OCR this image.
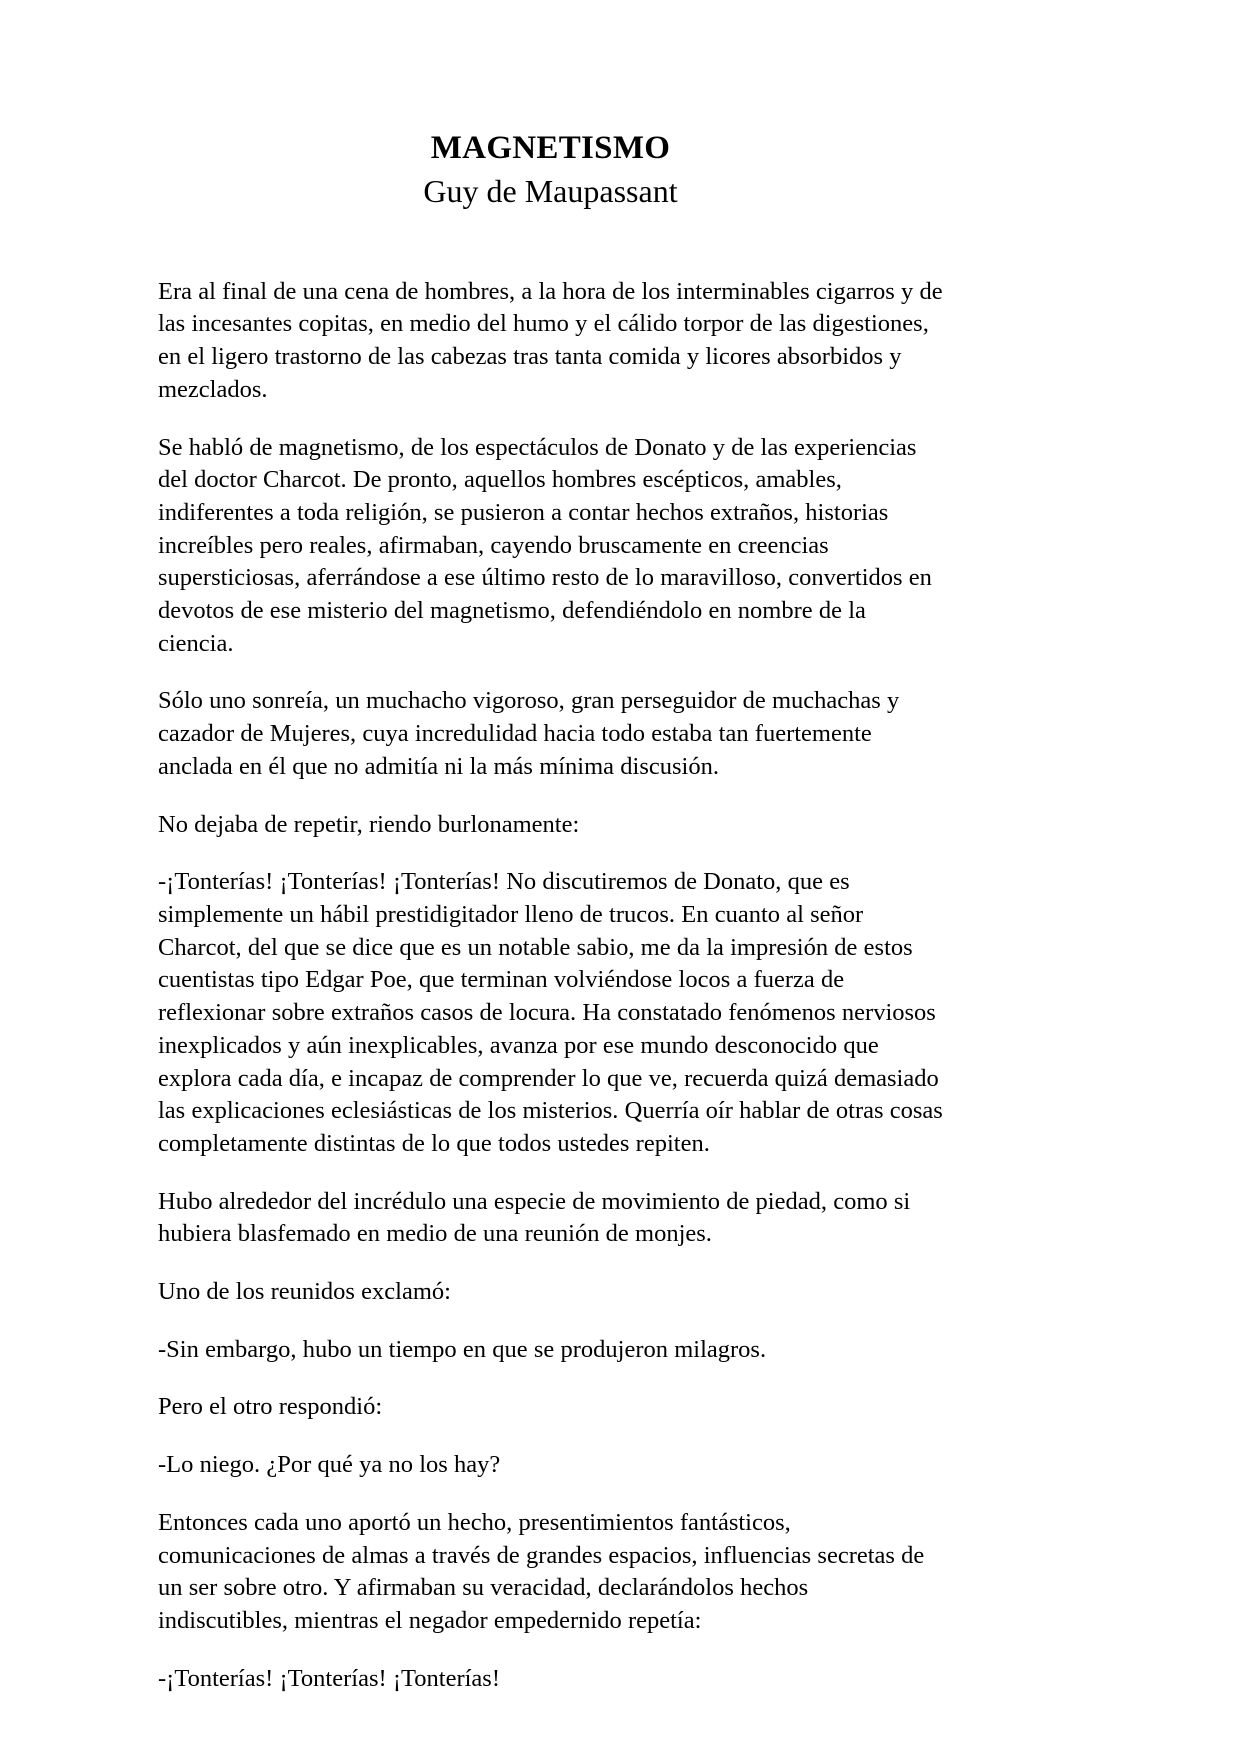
MAGNETISMO
Guy de Maupassant

Era al final de una cena de hombres, a la hora de los interminables cigarros y de las incesantes copitas, en medio del humo y el cálido torpor de las digestiones, en el ligero trastorno de las cabezas tras tanta comida y licores absorbidos y mezclados.

Se habló de magnetismo, de los espectáculos de Donato y de las experiencias del doctor Charcot. De pronto, aquellos hombres escépticos, amables, indiferentes a toda religión, se pusieron a contar hechos extraños, historias increíbles pero reales, afirmaban, cayendo bruscamente en creencias supersticiosas, aferrándose a ese último resto de lo maravilloso, convertidos en devotos de ese misterio del magnetismo, defendiéndolo en nombre de la ciencia.

Sólo uno sonreía, un muchacho vigoroso, gran perseguidor de muchachas y cazador de Mujeres, cuya incredulidad hacia todo estaba tan fuertemente anclada en él que no admitía ni la más mínima discusión.

No dejaba de repetir, riendo burlonamente:

-¡Tonterías! ¡Tonterías! ¡Tonterías! No discutiremos de Donato, que es simplemente un hábil prestidigitador lleno de trucos. En cuanto al señor Charcot, del que se dice que es un notable sabio, me da la impresión de estos cuentistas tipo Edgar Poe, que terminan volviéndose locos a fuerza de reflexionar sobre extraños casos de locura. Ha constatado fenómenos nerviosos inexplicados y aún inexplicables, avanza por ese mundo desconocido que explora cada día, e incapaz de comprender lo que ve, recuerda quizá demasiado las explicaciones eclesiásticas de los misterios. Querría oír hablar de otras cosas completamente distintas de lo que todos ustedes repiten.

Hubo alrededor del incrédulo una especie de movimiento de piedad, como si hubiera blasfemado en medio de una reunión de monjes.

Uno de los reunidos exclamó:

-Sin embargo, hubo un tiempo en que se produjeron milagros.

Pero el otro respondió:

-Lo niego. ¿Por qué ya no los hay?

Entonces cada uno aportó un hecho, presentimientos fantásticos, comunicaciones de almas a través de grandes espacios, influencias secretas de un ser sobre otro. Y afirmaban su veracidad, declarándolos hechos indiscutibles, mientras el negador empedernido repetía:

-¡Tonterías! ¡Tonterías! ¡Tonterías!
